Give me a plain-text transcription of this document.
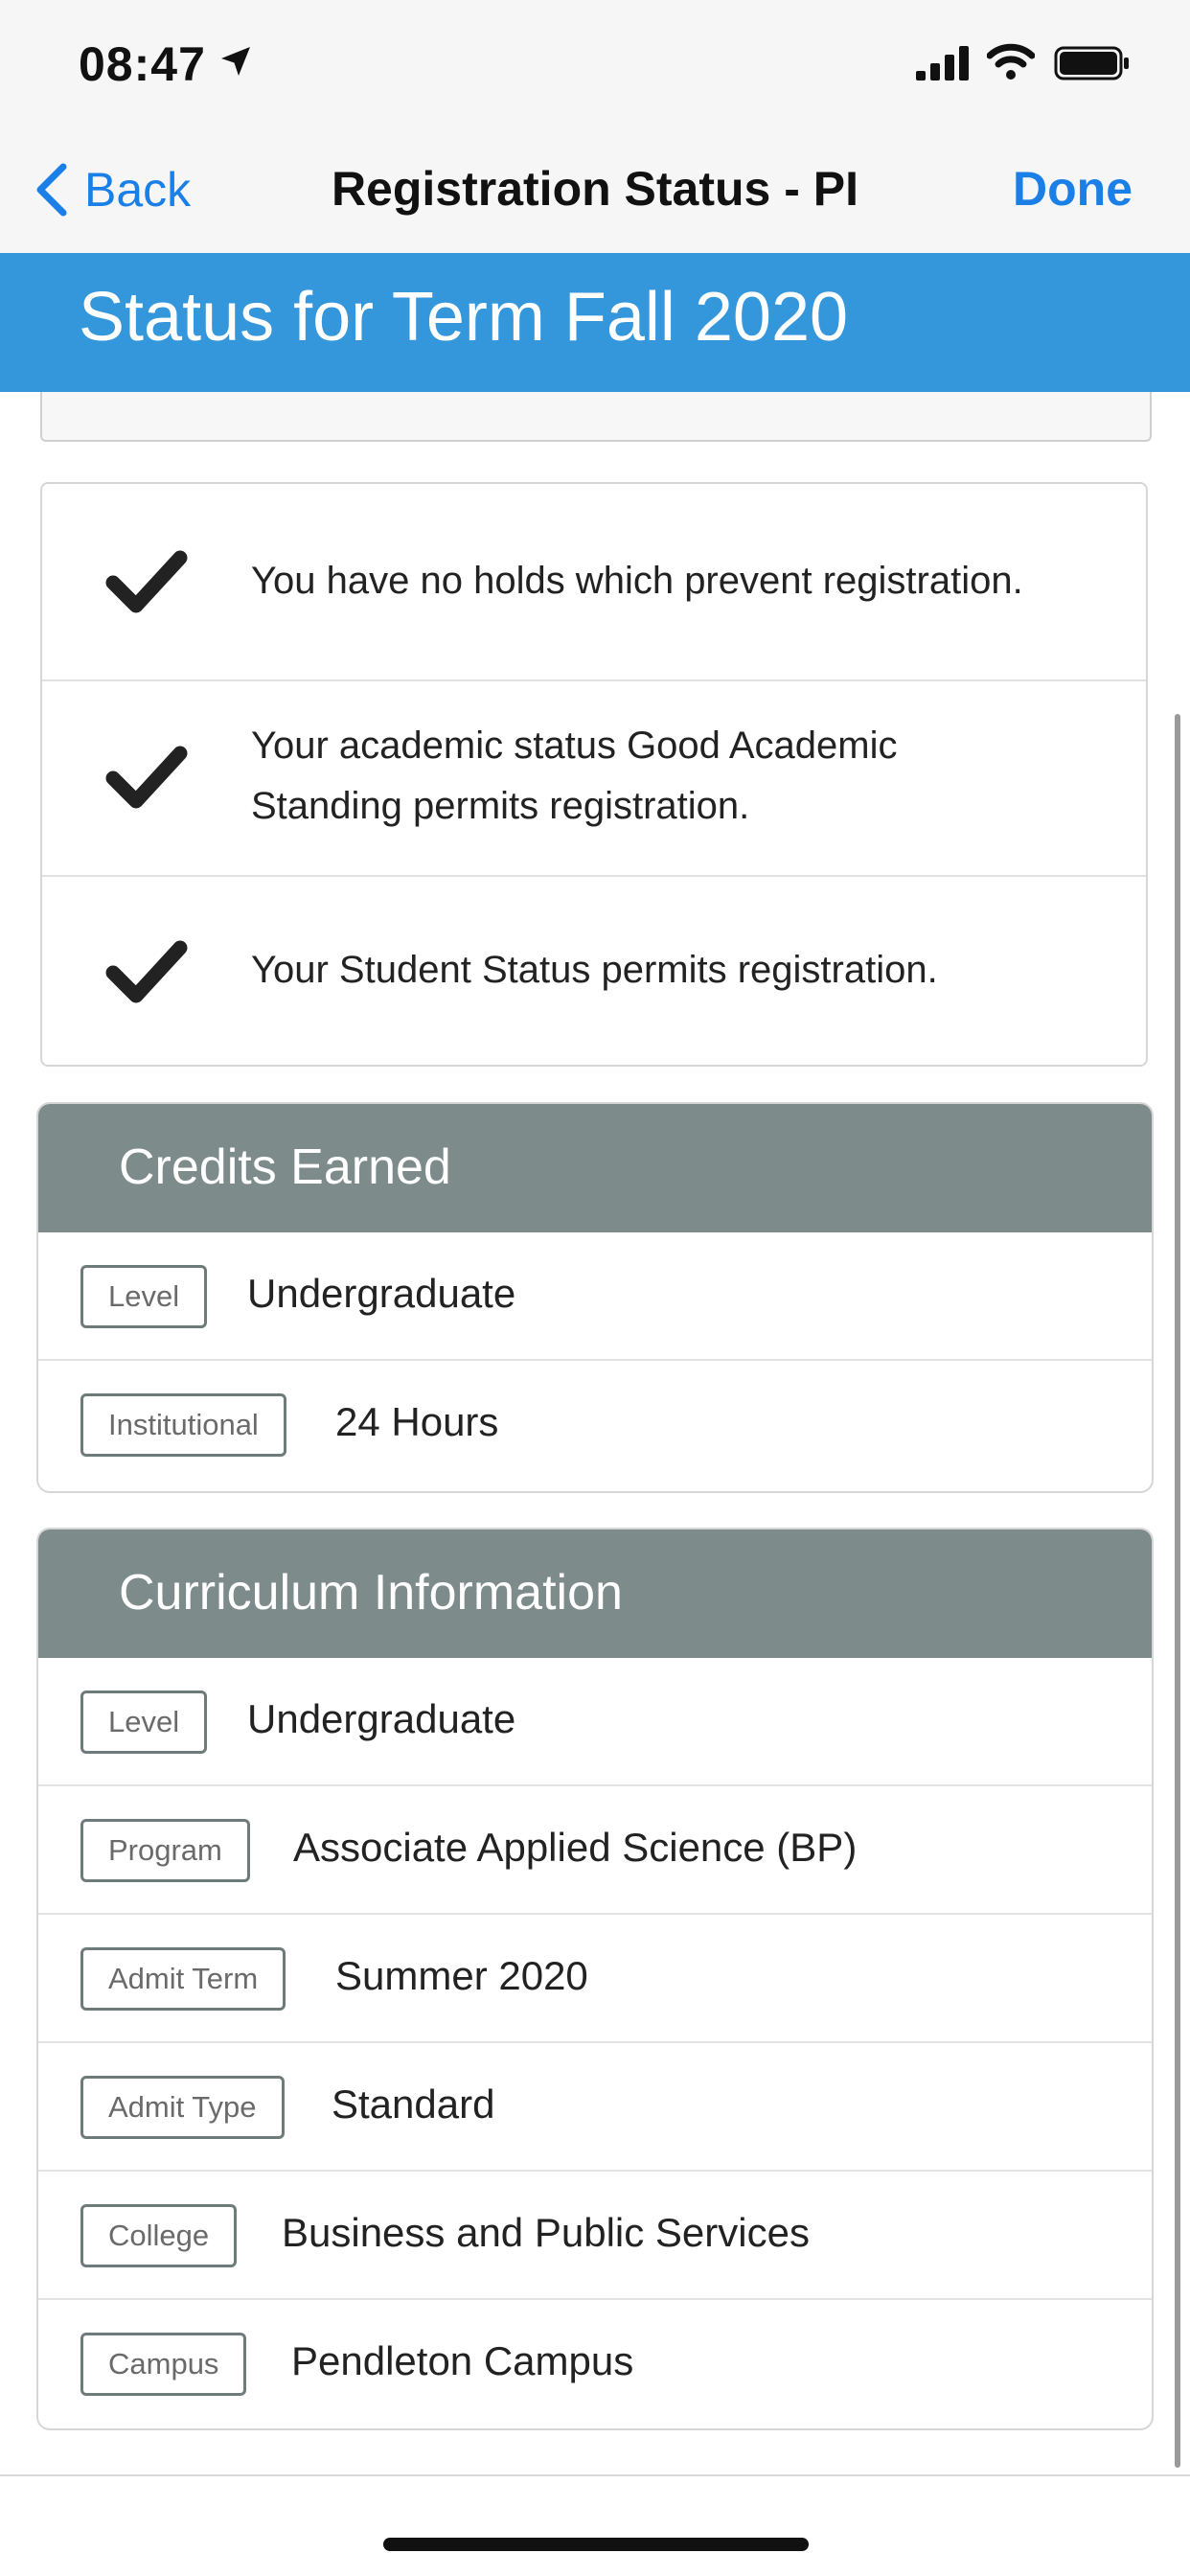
08:47
Back	Registration Status - PI	Done
Status for Term Fall 2020
You have no holds which prevent registration.
Your academic status Good Academic
Standing permits registration.
Your Student Status permits registration.
Credits Earned
Level	Undergraduate
Institutional	24 Hours
Curriculum Information
Level	Undergraduate
Program	Associate Applied Science (BP)
Admit Term	Summer 2020
Admit Type	Standard
College	Business and Public Services
Campus	Pendleton Campus
